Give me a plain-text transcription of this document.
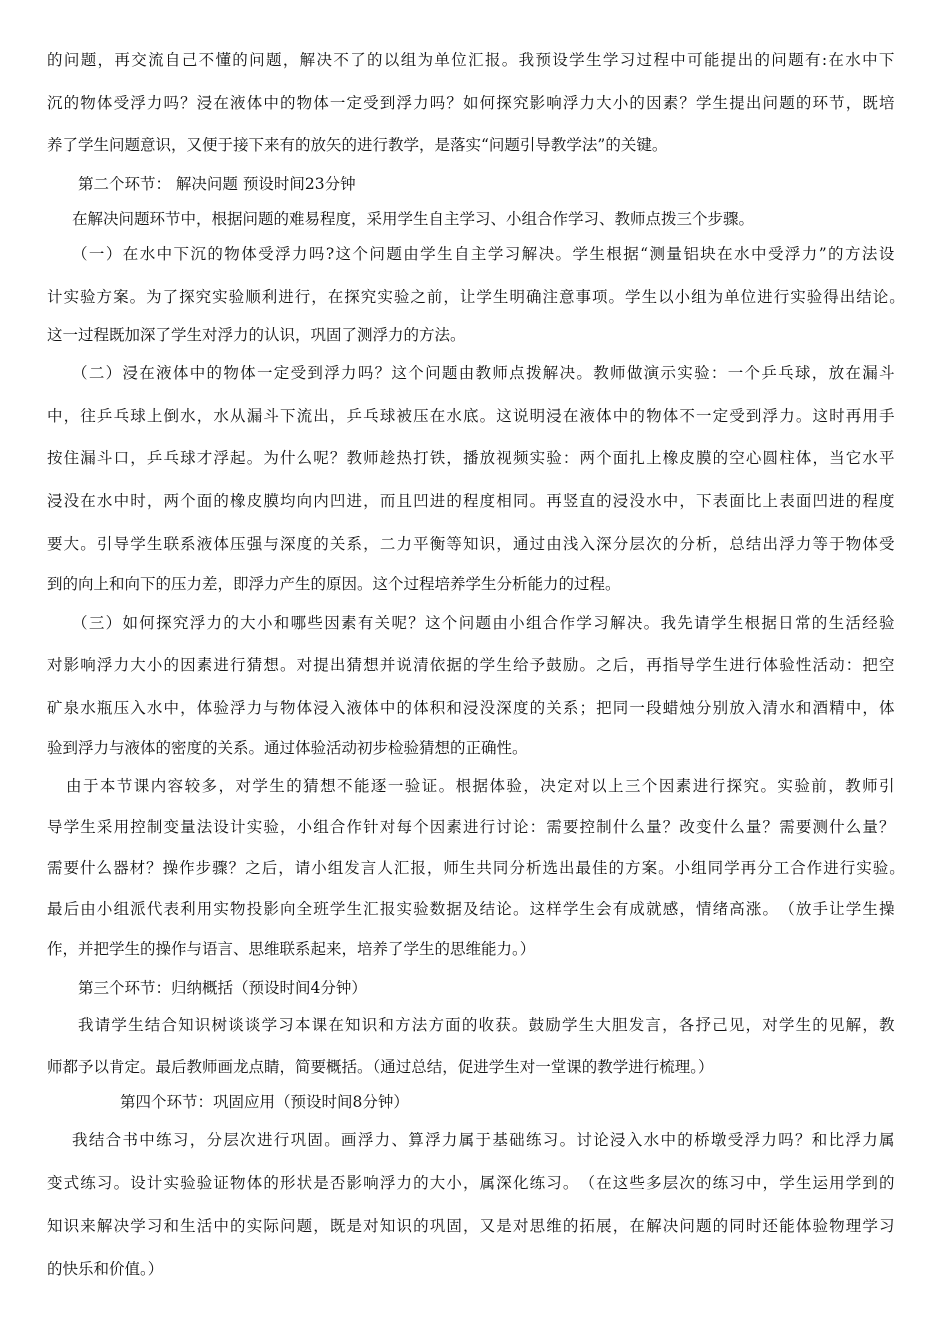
的 问 题 ， 再 交 流 自 己 不 懂 的 问 题 ， 解 决 不 了 的 以 组 为 单 位 汇 报 。 我 预 设 学 生 学 习 过 程 中 可 能 提 出 的 问 题 有 : 在 水 中 下
沉 的 物 体 受 浮 力 吗 ？ 浸 在 液 体 中 的 物 体 一 定 受 到 浮 力 吗 ？ 如 何 探 究 影 响 浮 力 大 小 的 因 素 ？ 学 生 提 出 问 题 的 环 节 ， 既 培
养了学生问题意识，又便于接下来有的放矢的进行教学，是落实“问题引导教学法”的关键。
第二个环节： 解决问题 预设时间23分钟
在解决问题环节中，根据问题的难易程度，采用学生自主学习、小组合作学习、教师点拨三个步骤。
（ 一 ） 在 水 中 下 沉 的 物 体 受 浮 力 吗 ? 这 个 问 题 由 学 生 自 主 学 习 解 决 。 学 生 根 据 “ 测 量 铝 块 在 水 中 受 浮 力 ” 的 方 法 设
计 实 验 方 案 。 为 了 探 究 实 验 顺 利 进 行 ， 在 探 究 实 验 之 前 ， 让 学 生 明 确 注 意 事 项 。 学 生 以 小 组 为 单 位 进 行 实 验 得 出 结 论 。
这一过程既加深了学生对浮力的认识，巩固了测浮力的方法。
（ 二 ） 浸 在 液 体 中 的 物 体 一 定 受 到 浮 力 吗 ？ 这 个 问 题 由 教 师 点 拨 解 决 。 教 师 做 演 示 实 验 ： 一 个 乒 乓 球 ， 放 在 漏 斗
中 ， 往 乒 乓 球 上 倒 水 ， 水 从 漏 斗 下 流 出 ， 乒 乓 球 被 压 在 水 底 。 这 说 明 浸 在 液 体 中 的 物 体 不 一 定 受 到 浮 力 。 这 时 再 用 手
按 住 漏 斗 口 ， 乒 乓 球 才 浮 起 。 为 什 么 呢 ？ 教 师 趁 热 打 铁 ， 播 放 视 频 实 验 ： 两 个 面 扎 上 橡 皮 膜 的 空 心 圆 柱 体 ， 当 它 水 平
浸 没 在 水 中 时 ， 两 个 面 的 橡 皮 膜 均 向 内 凹 进 ， 而 且 凹 进 的 程 度 相 同 。 再 竖 直 的 浸 没 水 中 ， 下 表 面 比 上 表 面 凹 进 的 程 度
要 大 。 引 导 学 生 联 系 液 体 压 强 与 深 度 的 关 系 ， 二 力 平 衡 等 知 识 ， 通 过 由 浅 入 深 分 层 次 的 分 析 ， 总 结 出 浮 力 等 于 物 体 受
到的向上和向下的压力差，即浮力产生的原因。这个过程培养学生分析能力的过程。
（ 三 ） 如 何 探 究 浮 力 的 大 小 和 哪 些 因 素 有 关 呢 ？ 这 个 问 题 由 小 组 合 作 学 习 解 决 。 我 先 请 学 生 根 据 日 常 的 生 活 经 验
对 影 响 浮 力 大 小 的 因 素 进 行 猜 想 。 对 提 出 猜 想 并 说 清 依 据 的 学 生 给 予 鼓 励 。 之 后 ， 再 指 导 学 生 进 行 体 验 性 活 动 ： 把 空
矿 泉 水 瓶 压 入 水 中 ， 体 验 浮 力 与 物 体 浸 入 液 体 中 的 体 积 和 浸 没 深 度 的 关 系 ； 把 同 一 段 蜡 烛 分 别 放 入 清 水 和 酒 精 中 ， 体
验到浮力与液体的密度的关系。通过体验活动初步检验猜想的正确性。
由 于 本 节 课 内 容 较 多 ， 对 学 生 的 猜 想 不 能 逐 一 验 证 。 根 据 体 验 ， 决 定 对 以 上 三 个 因 素 进 行 探 究 。 实 验 前 ， 教 师 引
导 学 生 采 用 控 制 变 量 法 设 计 实 验 ， 小 组 合 作 针 对 每 个 因 素 进 行 讨 论 ： 需 要 控 制 什 么 量 ？ 改 变 什 么 量 ？ 需 要 测 什 么 量 ？
需 要 什 么 器 材 ？ 操 作 步 骤 ？ 之 后 ， 请 小 组 发 言 人 汇 报 ， 师 生 共 同 分 析 选 出 最 佳 的 方 案 。 小 组 同 学 再 分 工 合 作 进 行 实 验 。
最 后 由 小 组 派 代 表 利 用 实 物 投 影 向 全 班 学 生 汇 报 实 验 数 据 及 结 论 。 这 样 学 生 会 有 成 就 感 ， 情 绪 高 涨 。 （ 放 手 让 学 生 操
作，并把学生的操作与语言、思维联系起来，培养了学生的思维能力。）
第三个环节：归纳概括（预设时间4分钟）
我 请 学 生 结 合 知 识 树 谈 谈 学 习 本 课 在 知 识 和 方 法 方 面 的 收 获 。 鼓 励 学 生 大 胆 发 言 ， 各 抒 己 见 ， 对 学 生 的 见 解 ， 教
师都予以肯定。最后教师画龙点睛，简要概括。（通过总结，促进学生对一堂课的教学进行梳理。）
第四个环节：巩固应用（预设时间8分钟）
我 结 合 书 中 练 习 ， 分 层 次 进 行 巩 固 。 画 浮 力 、 算 浮 力 属 于 基 础 练 习 。 讨 论 浸 入 水 中 的 桥 墩 受 浮 力 吗 ？ 和 比 浮 力 属
变 式 练 习 。 设 计 实 验 验 证 物 体 的 形 状 是 否 影 响 浮 力 的 大 小 ， 属 深 化 练 习 。 （ 在 这 些 多 层 次 的 练 习 中 ， 学 生 运 用 学 到 的
知 识 来 解 决 学 习 和 生 活 中 的 实 际 问 题 ， 既 是 对 知 识 的 巩 固 ， 又 是 对 思 维 的 拓 展 ， 在 解 决 问 题 的 同 时 还 能 体 验 物 理 学 习
的快乐和价值。）
